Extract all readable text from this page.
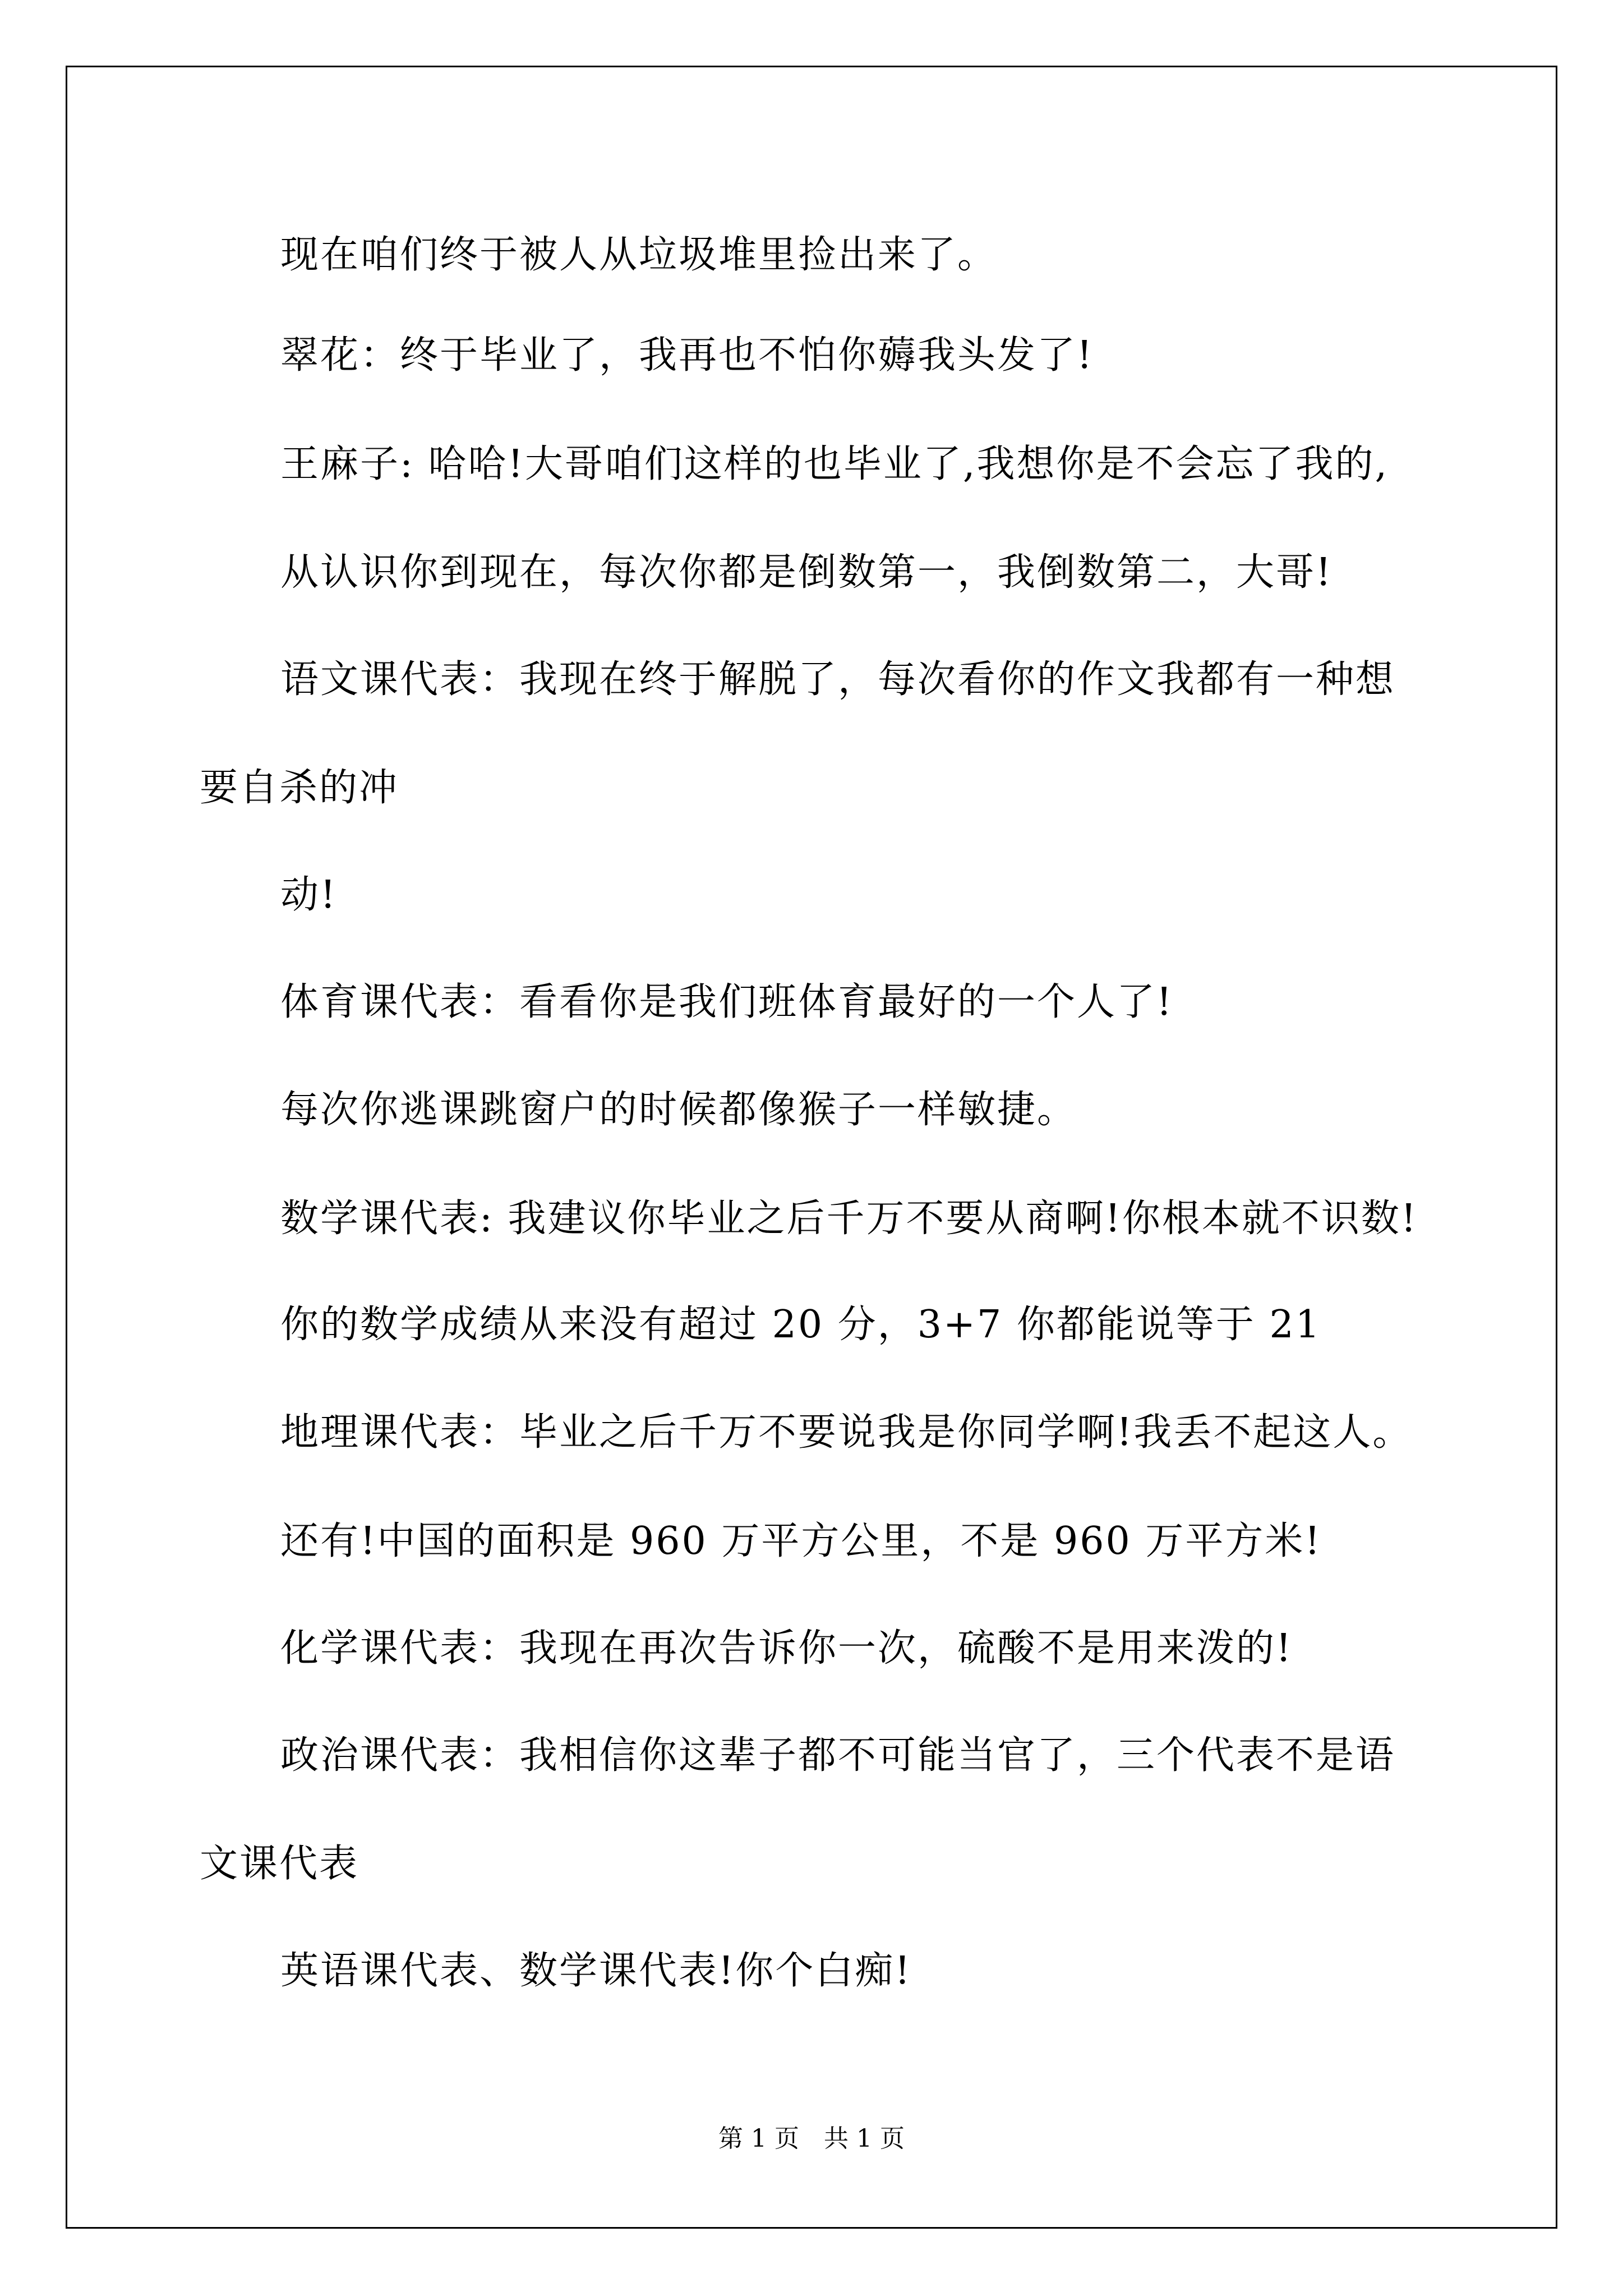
现在咱们终于被人从垃圾堆里捡出来了。
翠花：终于毕业了，我再也不怕你薅我头发了!
王麻子: 哈哈!大哥咱们这样的也毕业了,我想你是不会忘了我的,
从认识你到现在，每次你都是倒数第一，我倒数第二，大哥!
语文课代表：我现在终于解脱了，每次看你的作文我都有一种想
要自杀的冲
动!
体育课代表：看看你是我们班体育最好的一个人了!
每次你逃课跳窗户的时候都像猴子一样敏捷。
数学课代表: 我建议你毕业之后千万不要从商啊!你根本就不识数!
你的数学成绩从来没有超过 20 分，3+7 你都能说等于 21
地理课代表：毕业之后千万不要说我是你同学啊!我丢不起这人。
还有!中国的面积是 960 万平方公里，不是 960 万平方米!
化学课代表：我现在再次告诉你一次，硫酸不是用来泼的!
政治课代表：我相信你这辈子都不可能当官了，三个代表不是语
文课代表
英语课代表、数学课代表!你个白痴!
第 1 页　共 1 页
